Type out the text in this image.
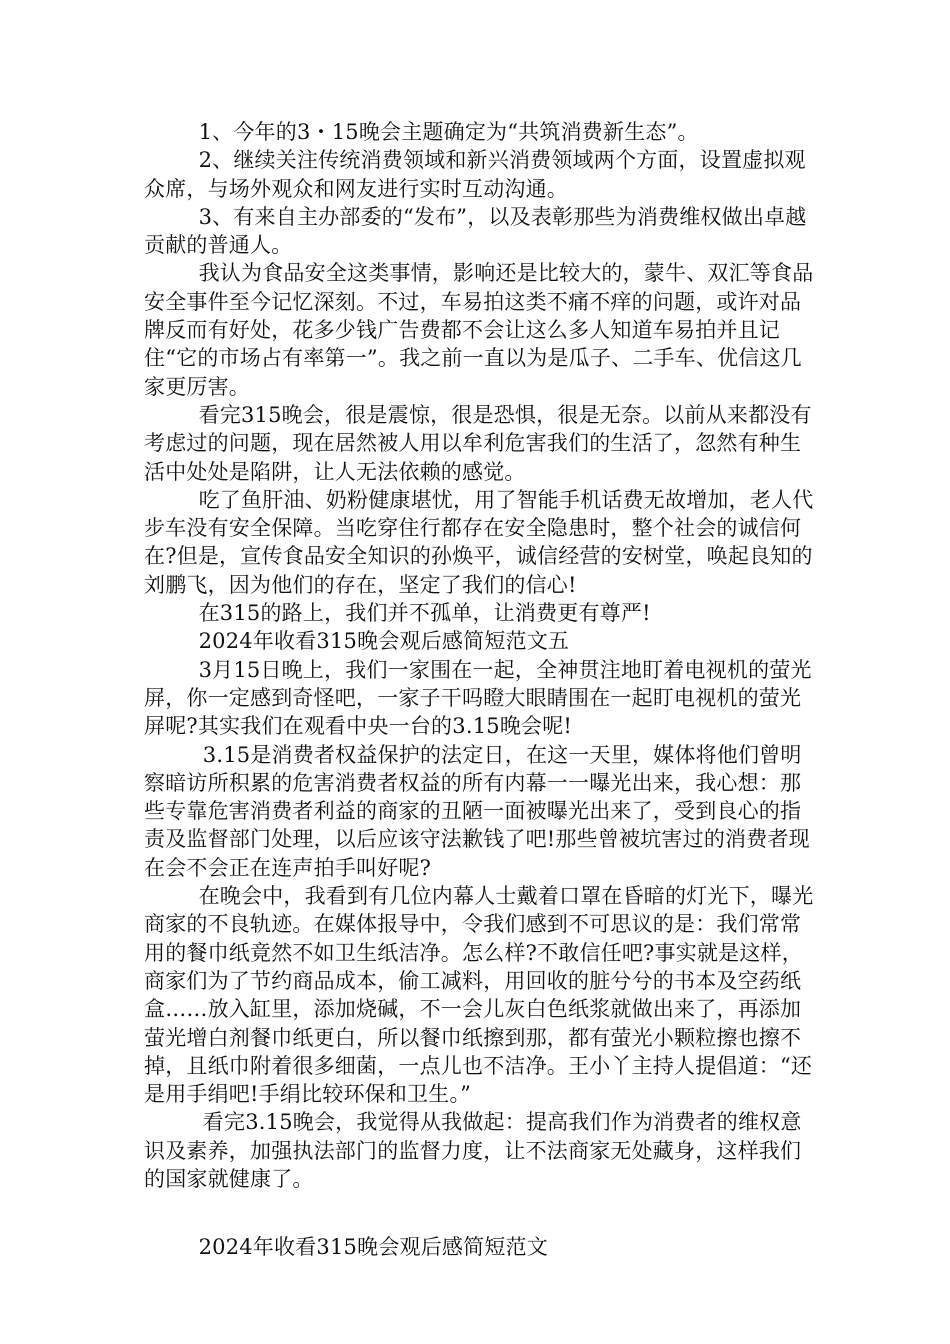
1、今年的3・15晚会主题确定为“共筑消费新生态”。

2、继续关注传统消费领域和新兴消费领域两个方面，设置虚拟观众席，与场外观众和网友进行实时互动沟通。

3、有来自主办部委的“发布”，以及表彰那些为消费维权做出卓越贡献的普通人。

我认为食品安全这类事情，影响还是比较大的，蒙牛、双汇等食品安全事件至今记忆深刻。不过，车易拍这类不痛不痒的问题，或许对品牌反而有好处，花多少钱广告费都不会让这么多人知道车易拍并且记住“它的市场占有率第一”。我之前一直以为是瓜子、二手车、优信这几家更厉害。

看完315晚会，很是震惊，很是恐惧，很是无奈。以前从来都没有考虑过的问题，现在居然被人用以牟利危害我们的生活了，忽然有种生活中处处是陷阱，让人无法依赖的感觉。

吃了鱼肝油、奶粉健康堪忧，用了智能手机话费无故增加，老人代步车没有安全保障。当吃穿住行都存在安全隐患时，整个社会的诚信何在?但是，宣传食品安全知识的孙焕平，诚信经营的安树堂，唤起良知的刘鹏飞，因为他们的存在，坚定了我们的信心!

在315的路上，我们并不孤单，让消费更有尊严!

2024年收看315晚会观后感简短范文五

3月15日晚上，我们一家围在一起，全神贯注地盯着电视机的萤光屏，你一定感到奇怪吧，一家子干吗瞪大眼睛围在一起盯电视机的萤光屏呢?其实我们在观看中央一台的3.15晚会呢!

3.15是消费者权益保护的法定日，在这一天里，媒体将他们曾明察暗访所积累的危害消费者权益的所有内幕一一曝光出来，我心想：那些专靠危害消费者利益的商家的丑陋一面被曝光出来了，受到良心的指责及监督部门处理，以后应该守法歉钱了吧!那些曾被坑害过的消费者现在会不会正在连声拍手叫好呢?

在晚会中，我看到有几位内幕人士戴着口罩在昏暗的灯光下，曝光商家的不良轨迹。在媒体报导中，令我们感到不可思议的是：我们常常用的餐巾纸竟然不如卫生纸洁净。怎么样?不敢信任吧?事实就是这样，商家们为了节约商品成本，偷工减料，用回收的脏兮兮的书本及空药纸盒……放入缸里，添加烧碱，不一会儿灰白色纸浆就做出来了，再添加萤光增白剂餐巾纸更白，所以餐巾纸擦到那，都有萤光小颗粒擦也擦不掉，且纸巾附着很多细菌，一点儿也不洁净。王小丫主持人提倡道：“还是用手绢吧!手绢比较环保和卫生。”

看完3.15晚会，我觉得从我做起：提高我们作为消费者的维权意识及素养，加强执法部门的监督力度，让不法商家无处藏身，这样我们的国家就健康了。

2024年收看315晚会观后感简短范文
